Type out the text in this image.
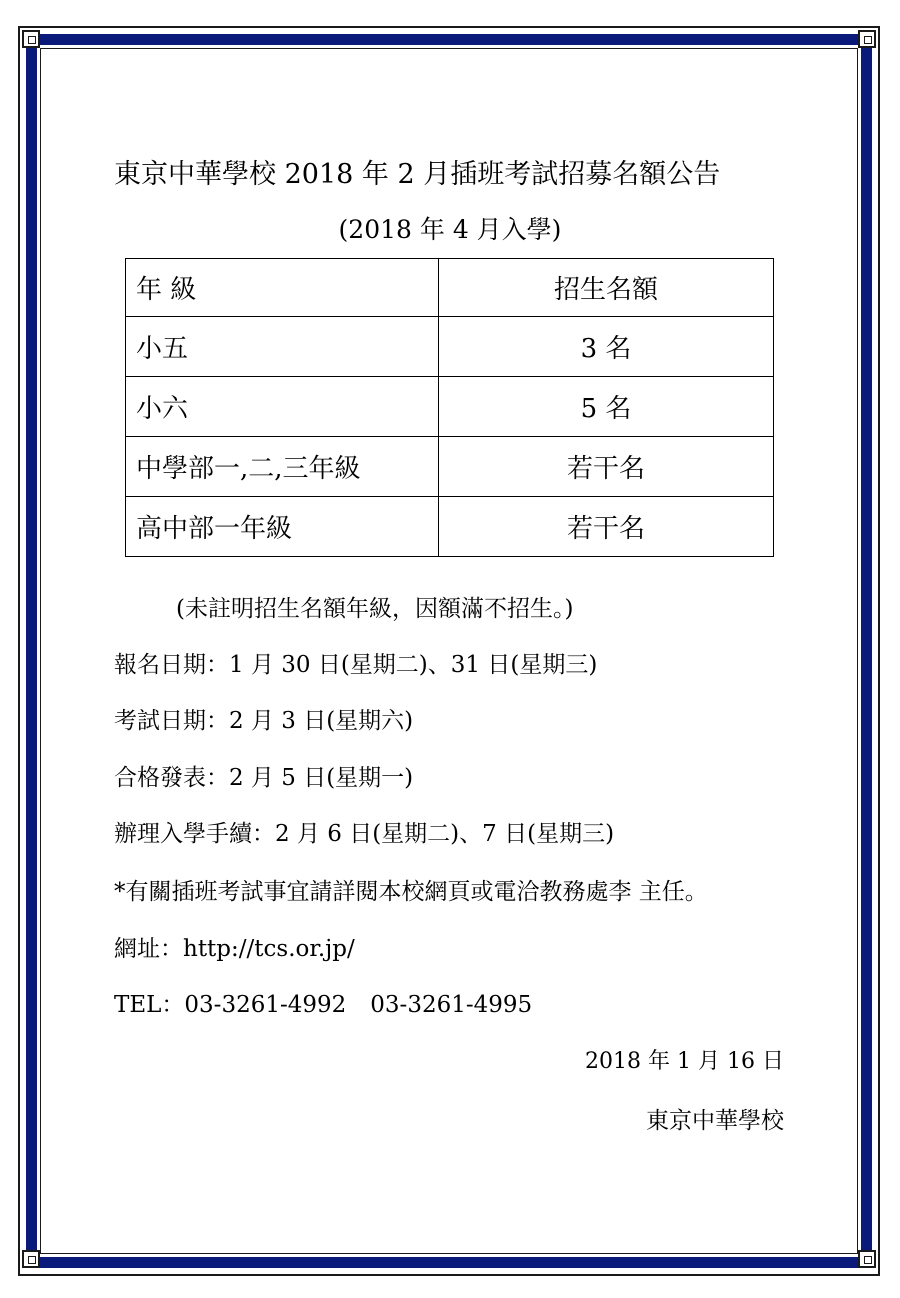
東京中華學校 2018 年 2 月插班考試招募名額公告
(2018 年 4 月入學)
年 級	招生名額
小五	3 名
小六	5 名
中學部一,二,三年級	若干名
高中部一年級	若干名
(未註明招生名額年級，因額滿不招生。)
報名日期：1 月 30 日(星期二)、31 日(星期三)
考試日期：2 月 3 日(星期六)
合格發表：2 月 5 日(星期一)
辦理入學手續：2 月 6 日(星期二)、7 日(星期三)
*有關插班考試事宜請詳閱本校網頁或電洽教務處李 主任。
網址：http://tcs.or.jp/
TEL：03-3261-4992 03-3261-4995
2018 年 1 月 16 日
東京中華學校
